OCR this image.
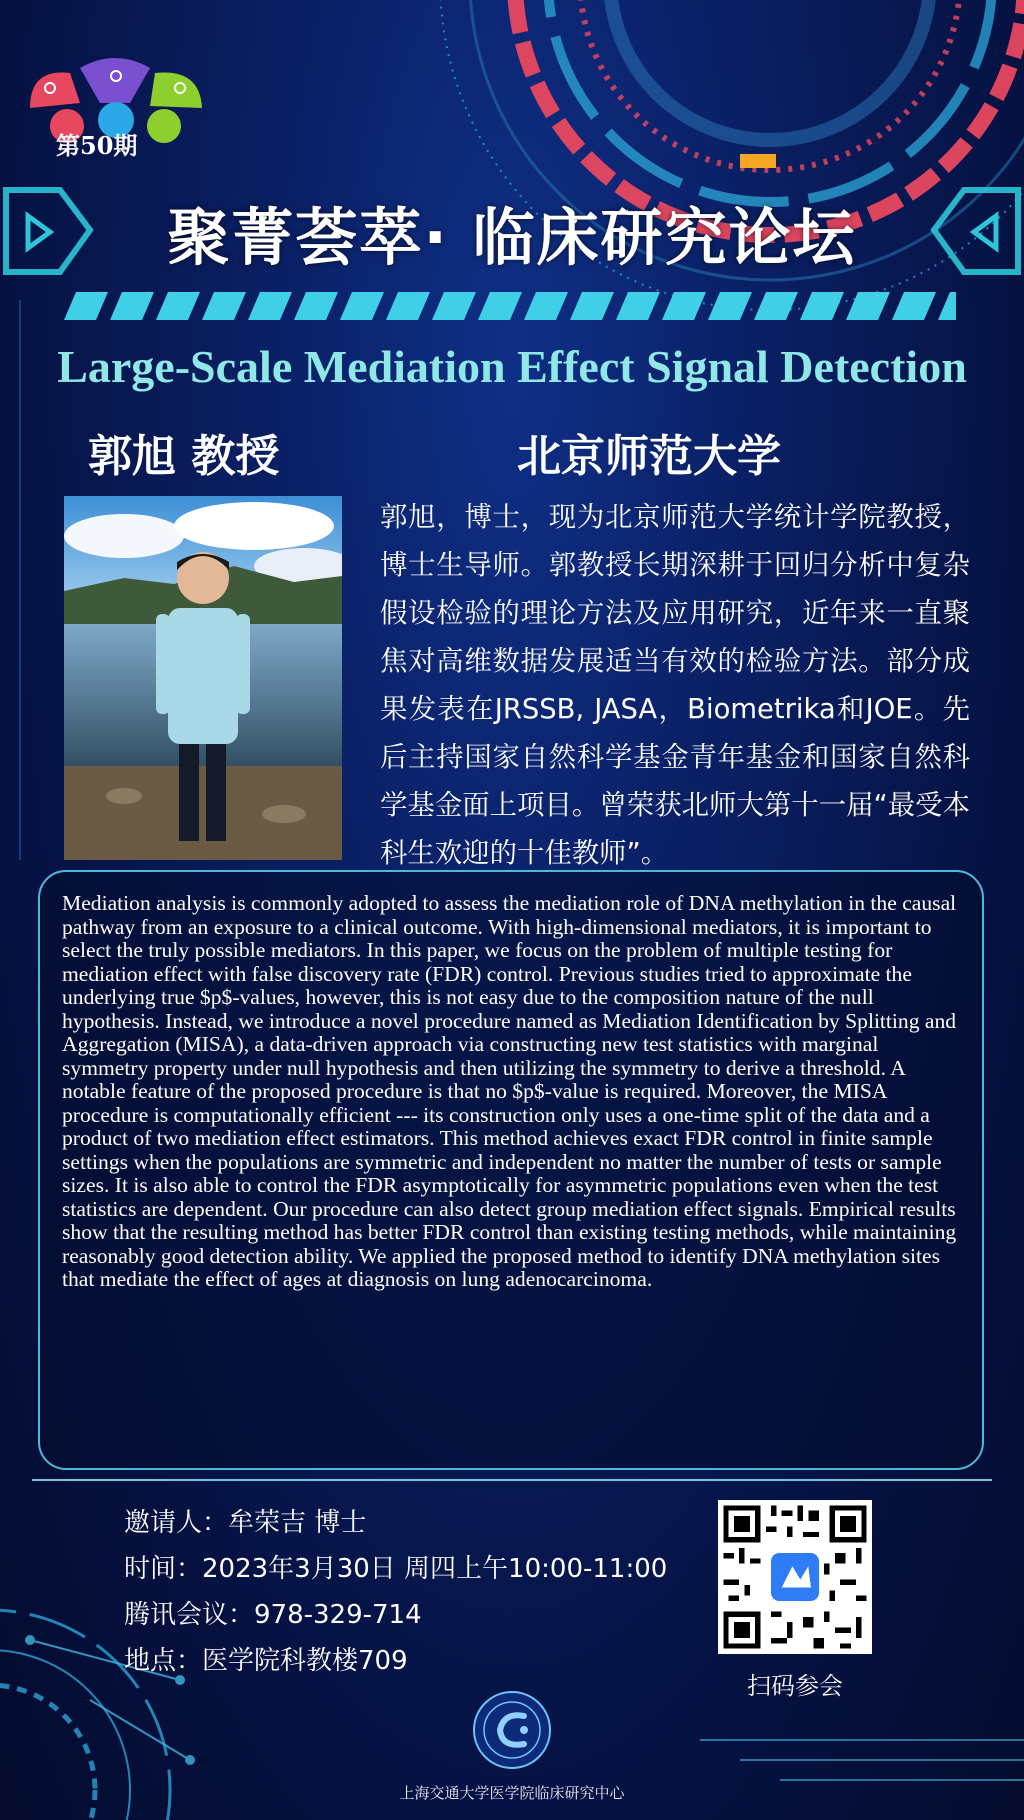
第50期
聚菁荟萃· 临床研究论坛
Large-Scale Mediation Effect Signal Detection
郭旭 教授	北京师范大学
郭旭，博士，现为北京师范大学统计学院教授，博士生导师。郭教授长期深耕于回归分析中复杂假设检验的理论方法及应用研究，近年来一直聚焦对高维数据发展适当有效的检验方法。部分成果发表在JRSSB, JASA，Biometrika和JOE。先后主持国家自然科学基金青年基金和国家自然科学基金面上项目。曾荣获北师大第十一届“最受本科生欢迎的十佳教师”。
Mediation analysis is commonly adopted to assess the mediation role of DNA methylation in the causal pathway from an exposure to a clinical outcome. With high-dimensional mediators, it is important to select the truly possible mediators. In this paper, we focus on the problem of multiple testing for mediation effect with false discovery rate (FDR) control. Previous studies tried to approximate the underlying true $p$-values, however, this is not easy due to the composition nature of the null hypothesis. Instead, we introduce a novel procedure named as Mediation Identification by Splitting and Aggregation (MISA), a data-driven approach via constructing new test statistics with marginal symmetry property under null hypothesis and then utilizing the symmetry to derive a threshold. A notable feature of the proposed procedure is that no $p$-value is required. Moreover, the MISA procedure is computationally efficient --- its construction only uses a one-time split of the data and a product of two mediation effect estimators. This method achieves exact FDR control in finite sample settings when the populations are symmetric and independent no matter the number of tests or sample sizes. It is also able to control the FDR asymptotically for asymmetric populations even when the test statistics are dependent. Our procedure can also detect group mediation effect signals. Empirical results show that the resulting method has better FDR control than existing testing methods, while maintaining reasonably good detection ability. We applied the proposed method to identify DNA methylation sites that mediate the effect of ages at diagnosis on lung adenocarcinoma.
邀请人：牟荣吉 博士
时间：2023年3月30日 周四上午10:00-11:00
腾讯会议：978-329-714
地点：医学院科教楼709
扫码参会
上海交通大学医学院临床研究中心
